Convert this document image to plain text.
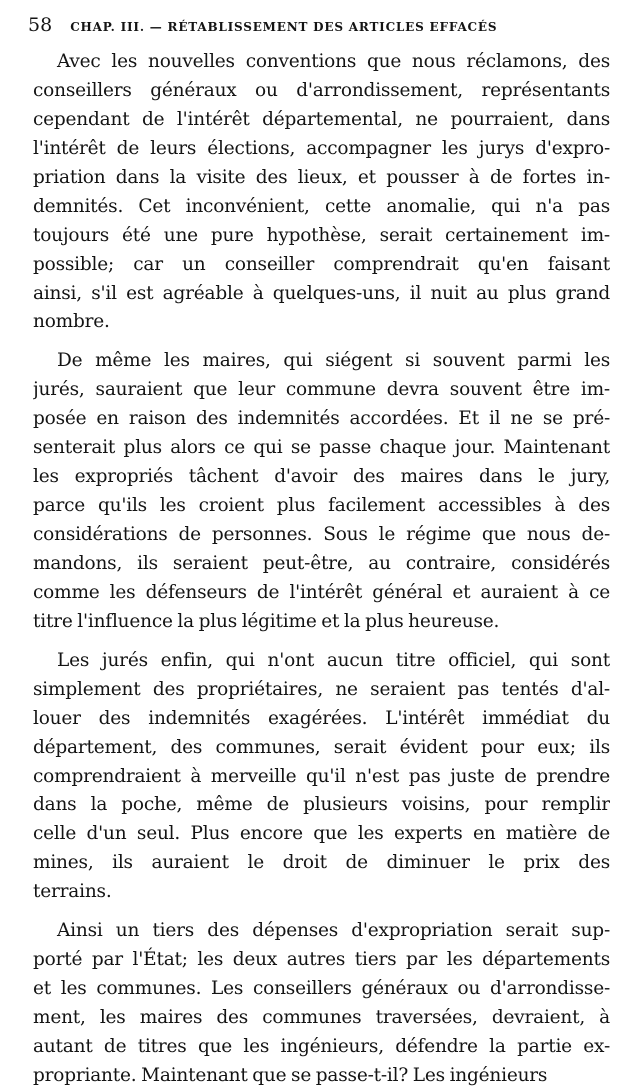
58 CHAP. III. — RÉTABLISSEMENT DES ARTICLES EFFACÉS
Avec les nouvelles conventions que nous réclamons, des
conseillers généraux ou d'arrondissement, représentants
cependant de l'intérêt départemental, ne pourraient, dans
l'intérêt de leurs élections, accompagner les jurys d'expro-
priation dans la visite des lieux, et pousser à de fortes in-
demnités. Cet inconvénient, cette anomalie, qui n'a pas
toujours été une pure hypothèse, serait certainement im-
possible; car un conseiller comprendrait qu'en faisant
ainsi, s'il est agréable à quelques-uns, il nuit au plus grand
nombre.
De même les maires, qui siégent si souvent parmi les
jurés, sauraient que leur commune devra souvent être im-
posée en raison des indemnités accordées. Et il ne se pré-
senterait plus alors ce qui se passe chaque jour. Maintenant
les expropriés tâchent d'avoir des maires dans le jury,
parce qu'ils les croient plus facilement accessibles à des
considérations de personnes. Sous le régime que nous de-
mandons, ils seraient peut-être, au contraire, considérés
comme les défenseurs de l'intérêt général et auraient à ce
titre l'influence la plus légitime et la plus heureuse.
Les jurés enfin, qui n'ont aucun titre officiel, qui sont
simplement des propriétaires, ne seraient pas tentés d'al-
louer des indemnités exagérées. L'intérêt immédiat du
département, des communes, serait évident pour eux; ils
comprendraient à merveille qu'il n'est pas juste de prendre
dans la poche, même de plusieurs voisins, pour remplir
celle d'un seul. Plus encore que les experts en matière de
mines, ils auraient le droit de diminuer le prix des
terrains.
Ainsi un tiers des dépenses d'expropriation serait sup-
porté par l'État; les deux autres tiers par les départements
et les communes. Les conseillers généraux ou d'arrondisse-
ment, les maires des communes traversées, devraient, à
autant de titres que les ingénieurs, défendre la partie ex-
propriante. Maintenant que se passe-t-il? Les ingénieurs
